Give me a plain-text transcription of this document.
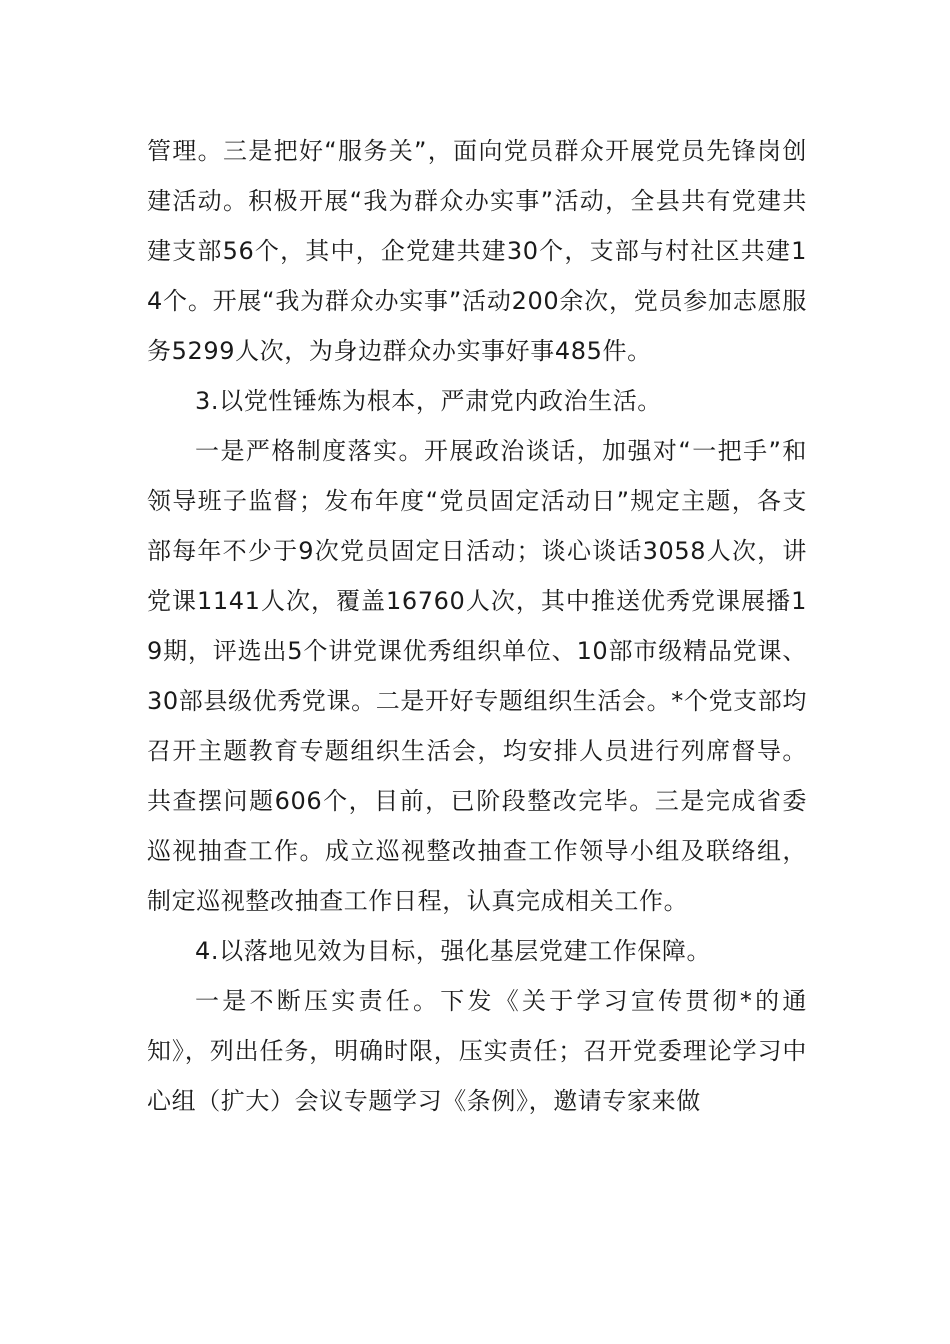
管理。三是把好“服务关”，面向党员群众开展党员先锋岗创建活动。积极开展“我为群众办实事”活动，全县共有党建共建支部56个，其中，企党建共建30个，支部与村社区共建14个。开展“我为群众办实事”活动200余次，党员参加志愿服务5299人次，为身边群众办实事好事485件。

3.以党性锤炼为根本，严肃党内政治生活。

一是严格制度落实。开展政治谈话，加强对“一把手”和领导班子监督；发布年度“党员固定活动日”规定主题，各支部每年不少于9次党员固定日活动；谈心谈话3058人次，讲党课1141人次，覆盖16760人次，其中推送优秀党课展播19期，评选出5个讲党课优秀组织单位、10部市级精品党课、30部县级优秀党课。二是开好专题组织生活会。*个党支部均召开主题教育专题组织生活会，均安排人员进行列席督导。共查摆问题606个，目前，已阶段整改完毕。三是完成省委巡视抽查工作。成立巡视整改抽查工作领导小组及联络组，制定巡视整改抽查工作日程，认真完成相关工作。

4.以落地见效为目标，强化基层党建工作保障。

一是不断压实责任。下发《关于学习宣传贯彻*的通知》，列出任务，明确时限，压实责任；召开党委理论学习中心组（扩大）会议专题学习《条例》，邀请专家来做
